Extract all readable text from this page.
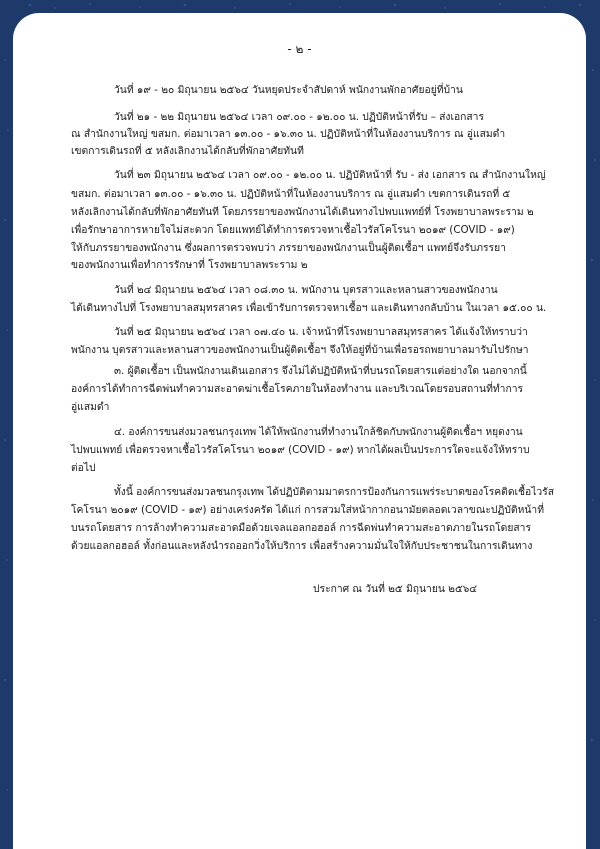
- ๒ -
วันที่ ๑๙ - ๒๐ มิถุนายน ๒๕๖๔ วันหยุดประจำสัปดาห์ พนักงานพักอาศัยอยู่ที่บ้าน
วันที่ ๒๑ - ๒๒ มิถุนายน ๒๕๖๔ เวลา ๐๙.๐๐ - ๑๒.๐๐ น. ปฏิบัติหน้าที่รับ – ส่งเอกสาร
ณ สำนักงานใหญ่ ขสมก. ต่อมาเวลา ๑๓.๐๐ - ๑๖.๓๐ น. ปฏิบัติหน้าที่ในห้องงานบริการ ณ อู่แสมดำ
เขตการเดินรถที่ ๕ หลังเลิกงานได้กลับที่พักอาศัยทันที
วันที่ ๒๓ มิถุนายน ๒๕๖๔ เวลา ๐๙.๐๐ - ๑๒.๐๐ น. ปฏิบัติหน้าที่ รับ - ส่ง เอกสาร ณ สำนักงานใหญ่
ขสมก. ต่อมาเวลา ๑๓.๐๐ - ๑๖.๓๐ น. ปฏิบัติหน้าที่ในห้องงานบริการ ณ อู่แสมดำ เขตการเดินรถที่ ๕
หลังเลิกงานได้กลับที่พักอาศัยทันที โดยภรรยาของพนักงานได้เดินทางไปพบแพทย์ที่ โรงพยาบาลพระราม ๒
เพื่อรักษาอาการหายใจไม่สะดวก โดยแพทย์ได้ทำการตรวจหาเชื้อไวรัสโคโรนา ๒๐๑๙ (COVID - ๑๙)
ให้กับภรรยาของพนักงาน ซึ่งผลการตรวจพบว่า ภรรยาของพนักงานเป็นผู้ติดเชื้อฯ แพทย์จึงรับภรรยา
ของพนักงานเพื่อทำการรักษาที่ โรงพยาบาลพระราม ๒
วันที่ ๒๔ มิถุนายน ๒๕๖๔ เวลา ๐๘.๓๐ น. พนักงาน บุตรสาวและหลานสาวของพนักงาน
ได้เดินทางไปที่ โรงพยาบาลสมุทรสาคร เพื่อเข้ารับการตรวจหาเชื้อฯ และเดินทางกลับบ้าน ในเวลา ๑๕.๐๐ น.
วันที่ ๒๕ มิถุนายน ๒๕๖๔ เวลา ๐๗.๔๐ น. เจ้าหน้าที่โรงพยาบาลสมุทรสาคร ได้แจ้งให้ทราบว่า
พนักงาน บุตรสาวและหลานสาวของพนักงานเป็นผู้ติดเชื้อฯ จึงให้อยู่ที่บ้านเพื่อรอรถพยาบาลมารับไปรักษา
๓. ผู้ติดเชื้อฯ เป็นพนักงานเดินเอกสาร จึงไม่ได้ปฏิบัติหน้าที่บนรถโดยสารแต่อย่างใด นอกจากนี้
องค์การได้ทำการฉีดพ่นทำความสะอาดฆ่าเชื้อโรคภายในห้องทำงาน และบริเวณโดยรอบสถานที่ทำการ
อู่แสมดำ
๔. องค์การขนส่งมวลชนกรุงเทพ ได้ให้พนักงานที่ทำงานใกล้ชิดกับพนักงานผู้ติดเชื้อฯ หยุดงาน
ไปพบแพทย์ เพื่อตรวจหาเชื้อไวรัสโคโรนา ๒๐๑๙ (COVID - ๑๙) หากได้ผลเป็นประการใดจะแจ้งให้ทราบ
ต่อไป
ทั้งนี้ องค์การขนส่งมวลชนกรุงเทพ ได้ปฏิบัติตามมาตรการป้องกันการแพร่ระบาดของโรคติดเชื้อไวรัส
โคโรนา ๒๐๑๙ (COVID - ๑๙) อย่างเคร่งครัด ได้แก่ การสวมใส่หน้ากากอนามัยตลอดเวลาขณะปฏิบัติหน้าที่
บนรถโดยสาร การล้างทำความสะอาดมือด้วยเจลแอลกอฮอล์ การฉีดพ่นทำความสะอาดภายในรถโดยสาร
ด้วยแอลกอฮอล์ ทั้งก่อนและหลังนำรถออกวิ่งให้บริการ เพื่อสร้างความมั่นใจให้กับประชาชนในการเดินทาง
ประกาศ ณ วันที่ ๒๕ มิถุนายน ๒๕๖๔
